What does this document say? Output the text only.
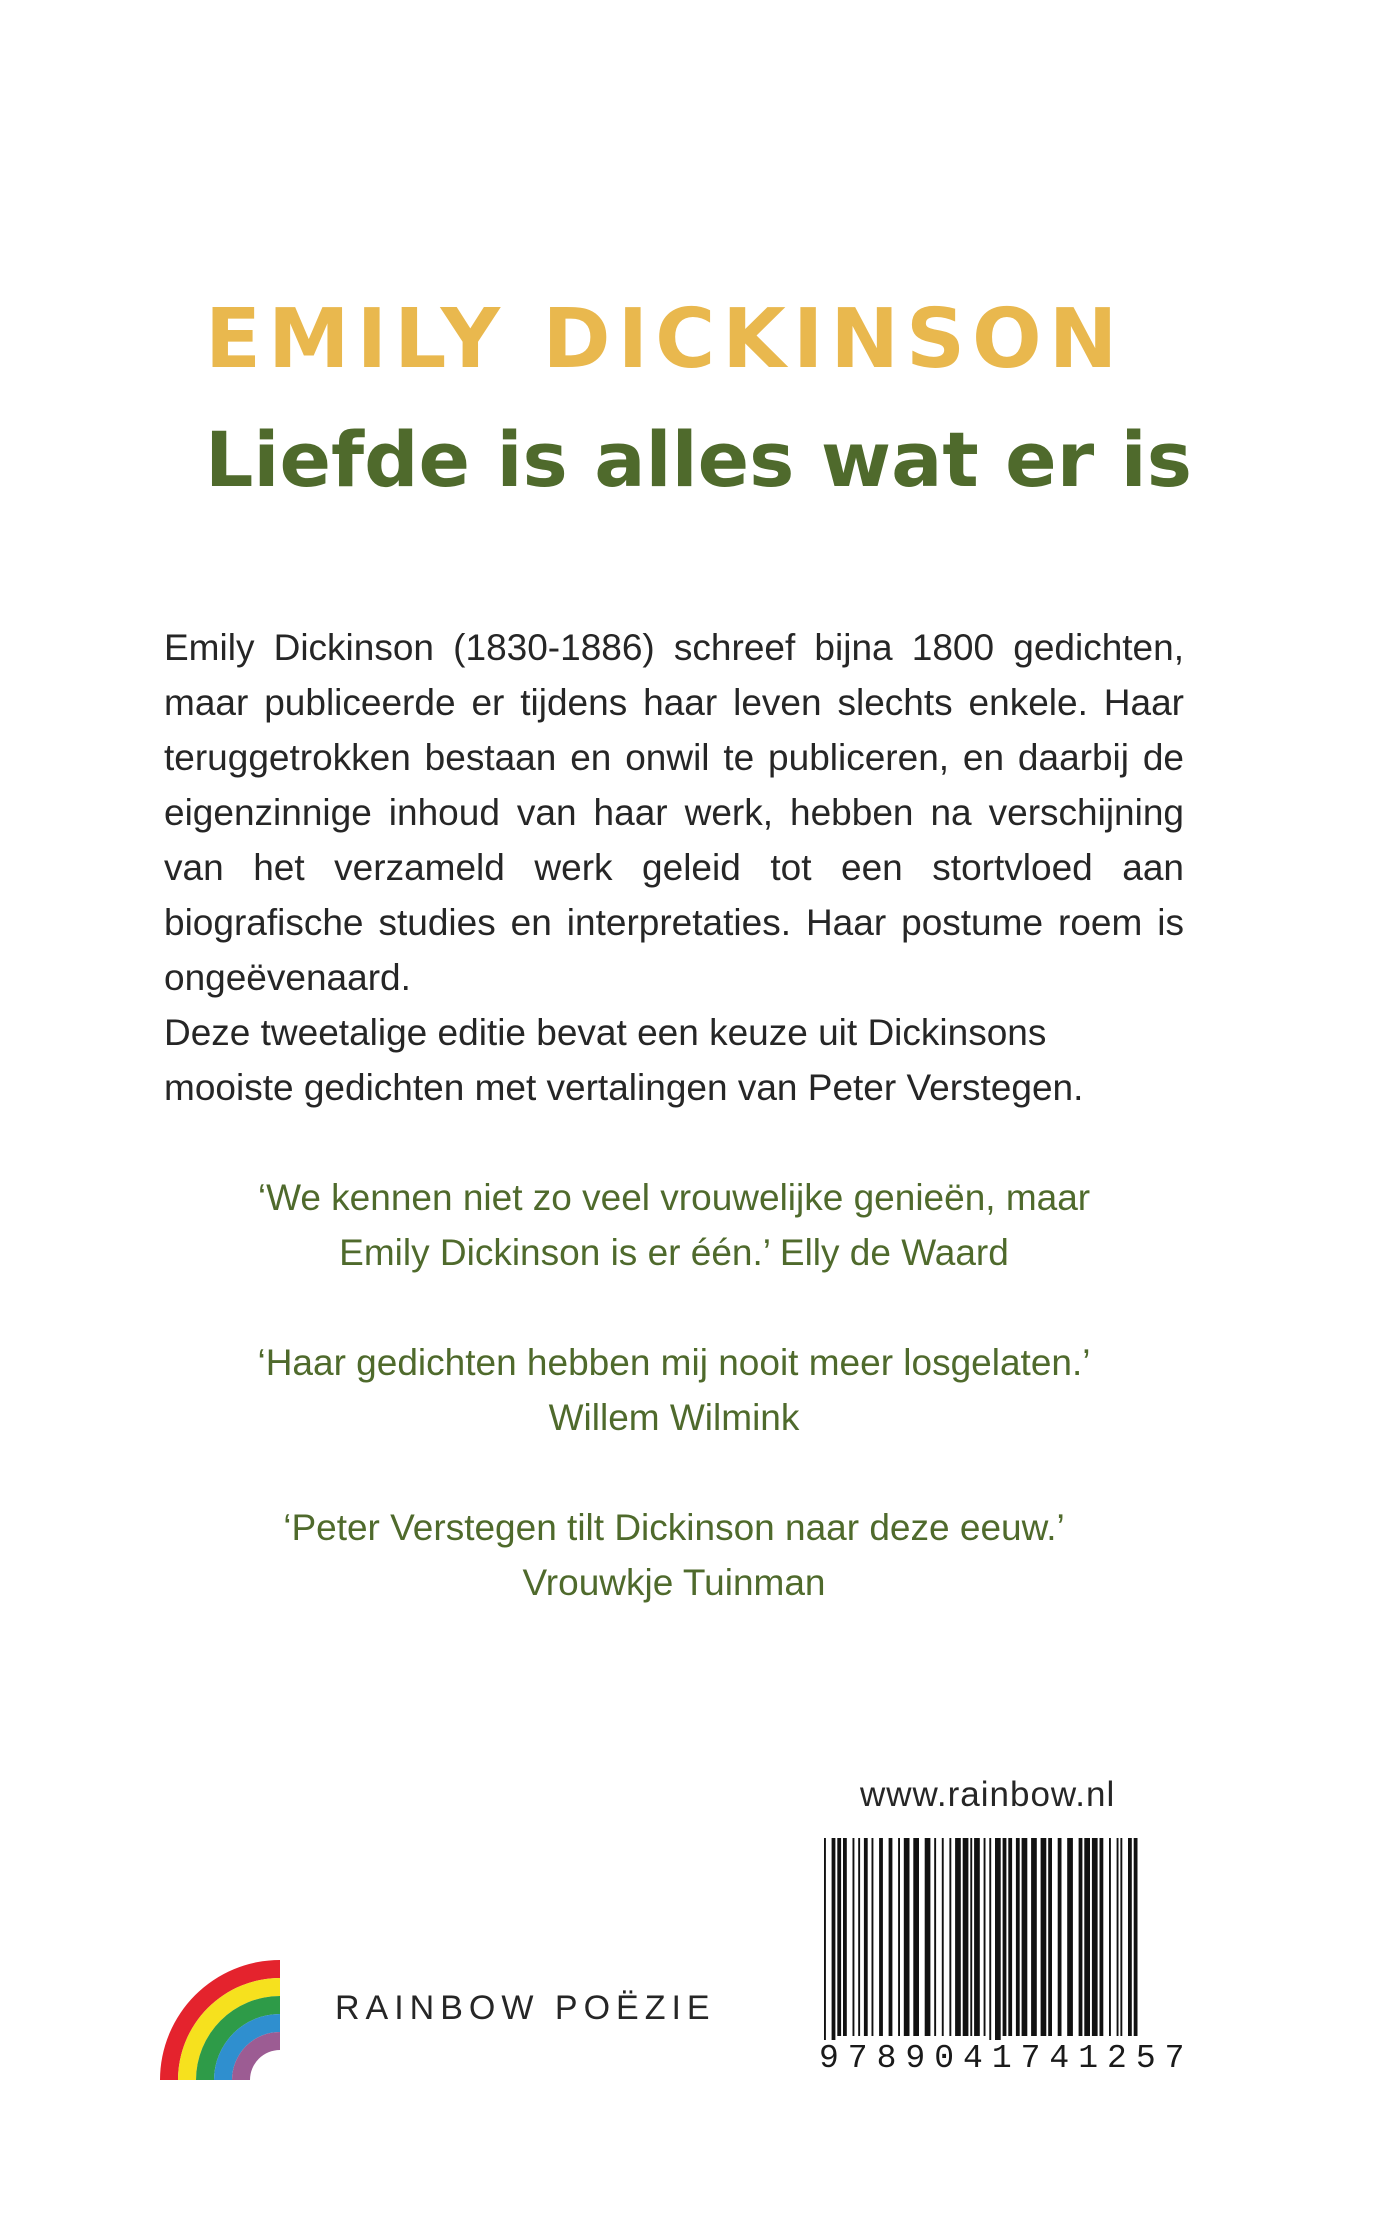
EMILY DICKINSON
Liefde is alles wat er is

Emily Dickinson (1830-1886) schreef bijna 1800 gedichten, maar publiceerde er tijdens haar leven slechts enkele. Haar teruggetrokken bestaan en onwil te publiceren, en daarbij de eigenzinnige inhoud van haar werk, hebben na verschijning van het verzameld werk geleid tot een stortvloed aan biografische studies en interpretaties. Haar postume roem is ongeëvenaard.

Deze tweetalige editie bevat een keuze uit Dickinsons mooiste gedichten met vertalingen van Peter Verstegen.

‘We kennen niet zo veel vrouwelijke genieën, maar
Emily Dickinson is er één.’ Elly de Waard
‘Haar gedichten hebben mij nooit meer losgelaten.’
Willem Wilmink
‘Peter Verstegen tilt Dickinson naar deze eeuw.’
Vrouwkje Tuinman
www.rainbow.nl
9789041741257
RAINBOW POËZIE
